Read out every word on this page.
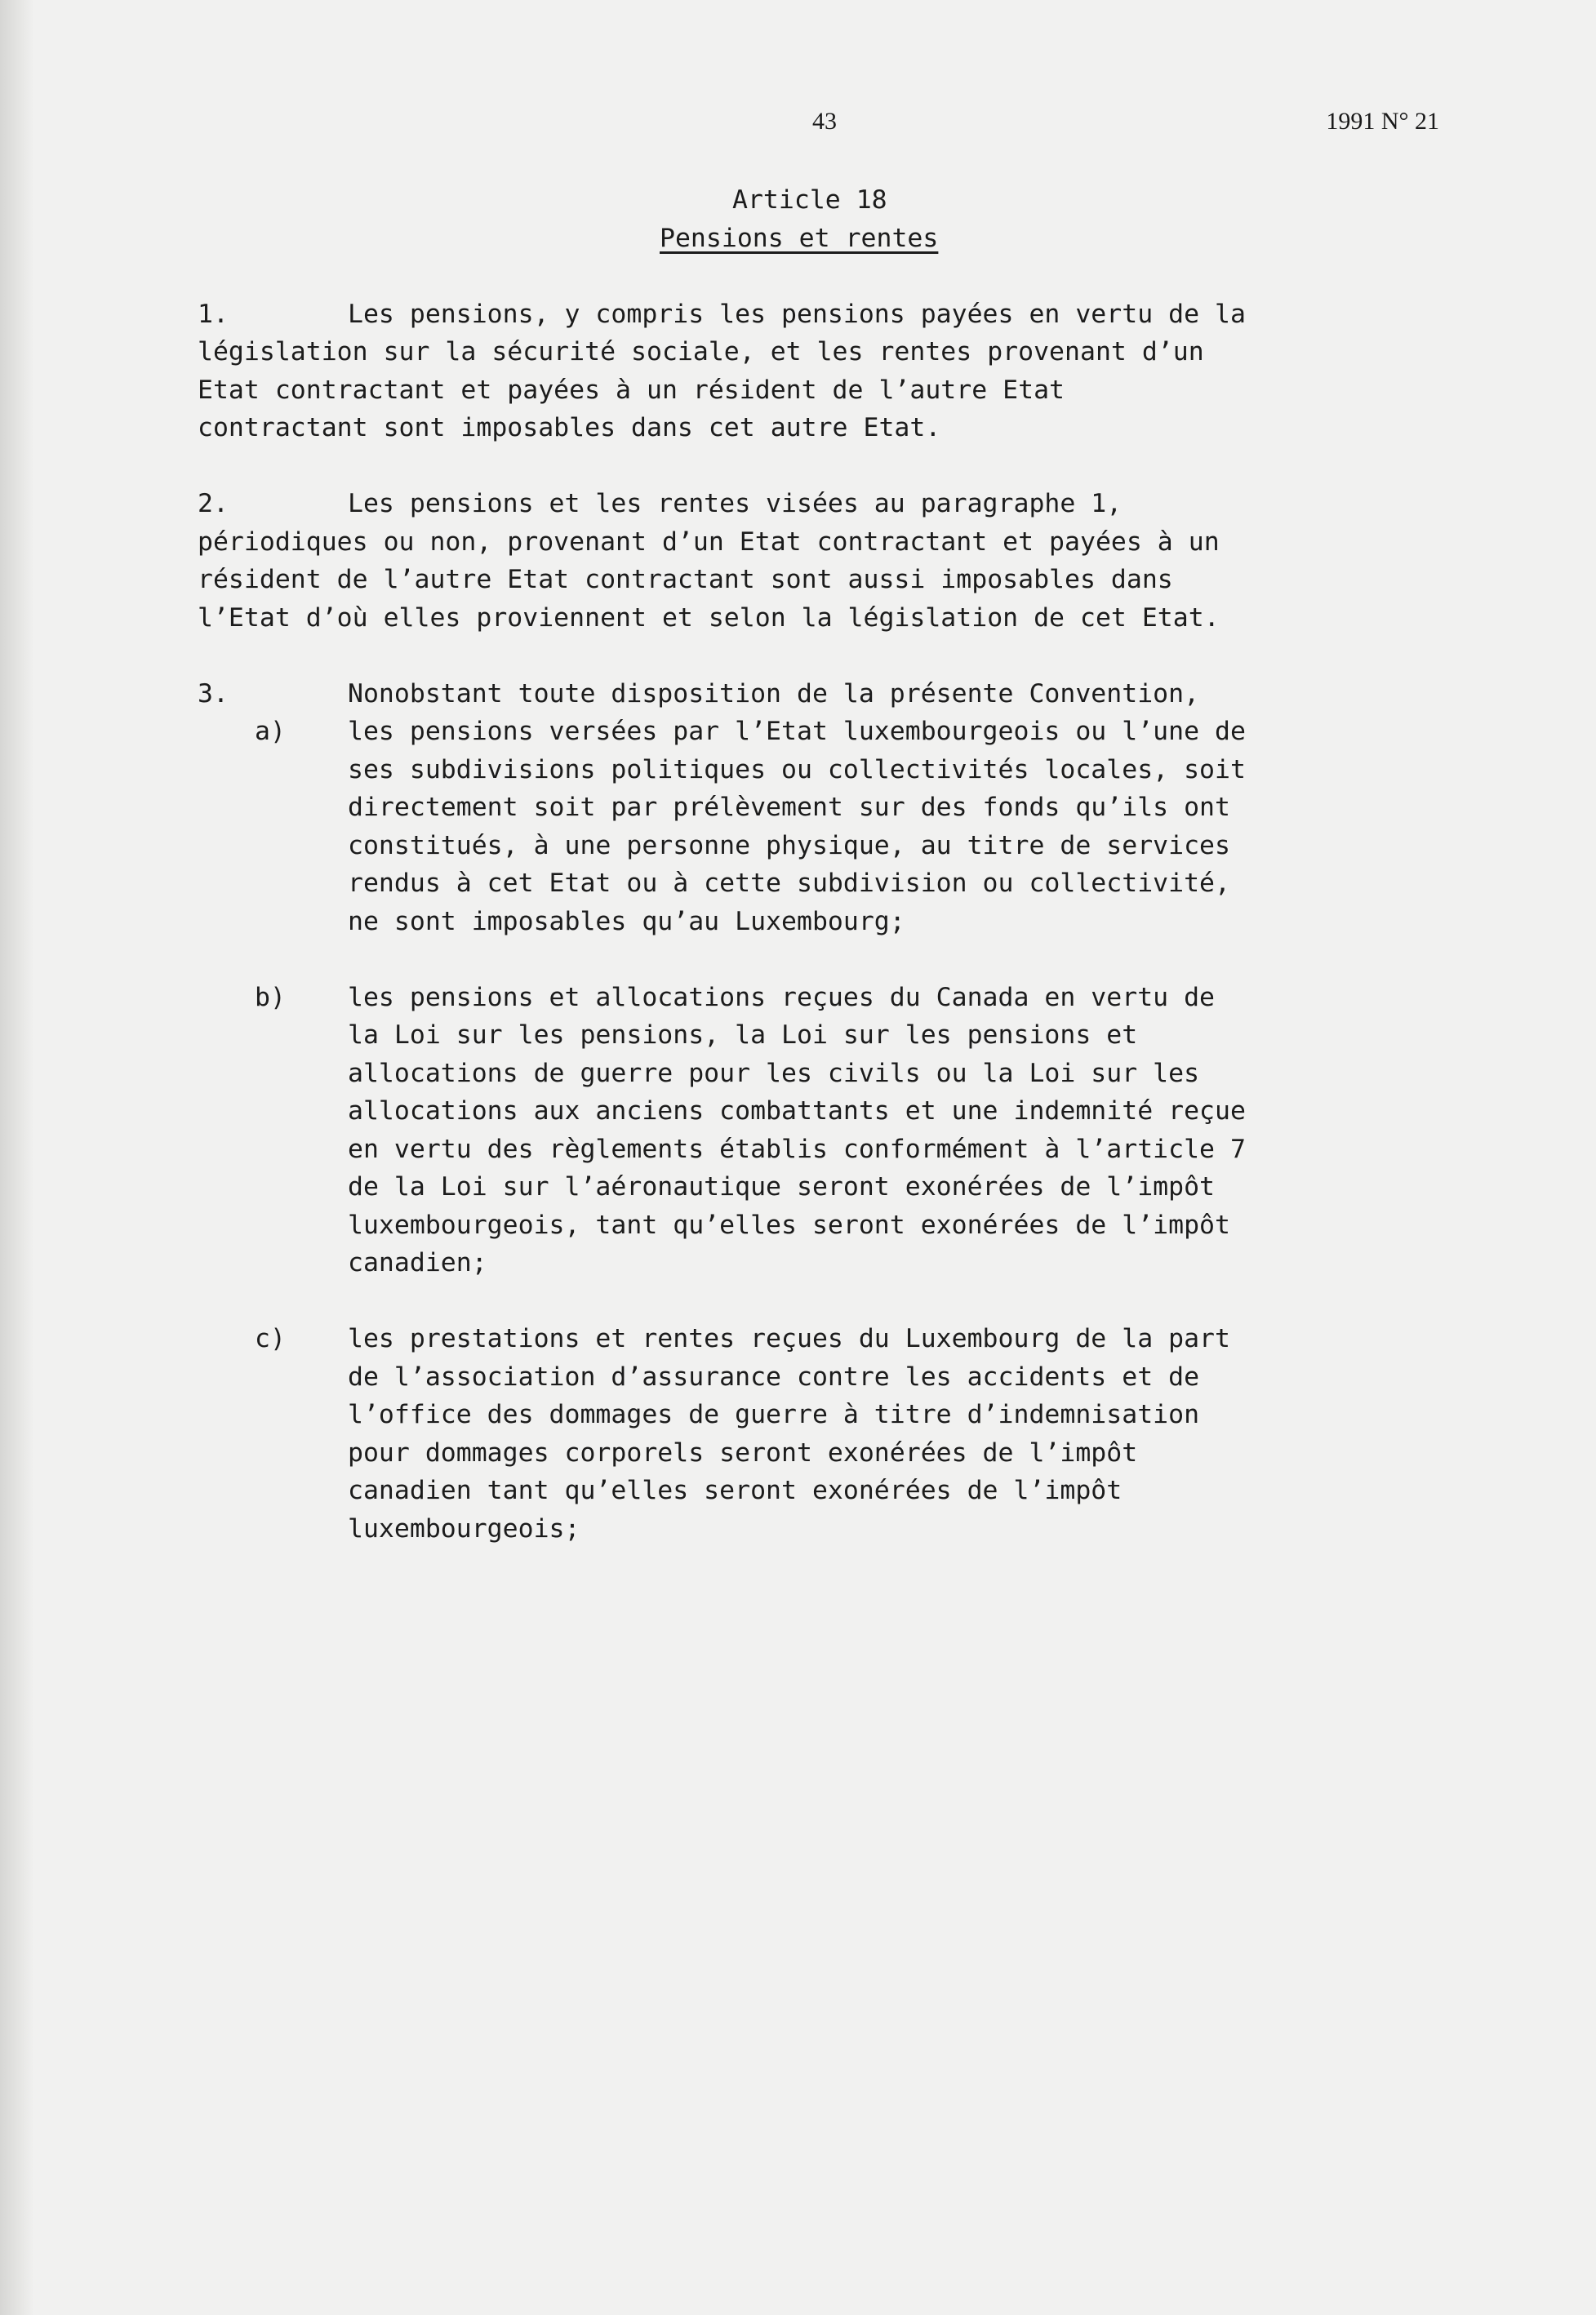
43	1991 N° 21
Article 18
Pensions et rentes
1.	Les pensions, y compris les pensions payées en vertu de la
législation sur la sécurité sociale, et les rentes provenant d’un
Etat contractant et payées à un résident de l’autre Etat
contractant sont imposables dans cet autre Etat.
2.	Les pensions et les rentes visées au paragraphe 1,
périodiques ou non, provenant d’un Etat contractant et payées à un
résident de l’autre Etat contractant sont aussi imposables dans
l’Etat d’où elles proviennent et selon la législation de cet Etat.
3.	Nonobstant toute disposition de la présente Convention,
a) les pensions versées par l’Etat luxembourgeois ou l’une de
ses subdivisions politiques ou collectivités locales, soit
directement soit par prélèvement sur des fonds qu’ils ont
constitués, à une personne physique, au titre de services
rendus à cet Etat ou à cette subdivision ou collectivité,
ne sont imposables qu’au Luxembourg;
b) les pensions et allocations reçues du Canada en vertu de
la Loi sur les pensions, la Loi sur les pensions et
allocations de guerre pour les civils ou la Loi sur les
allocations aux anciens combattants et une indemnité reçue
en vertu des règlements établis conformément à l’article 7
de la Loi sur l’aéronautique seront exonérées de l’impôt
luxembourgeois, tant qu’elles seront exonérées de l’impôt
canadien;
c) les prestations et rentes reçues du Luxembourg de la part
de l’association d’assurance contre les accidents et de
l’office des dommages de guerre à titre d’indemnisation
pour dommages corporels seront exonérées de l’impôt
canadien tant qu’elles seront exonérées de l’impôt
luxembourgeois;
